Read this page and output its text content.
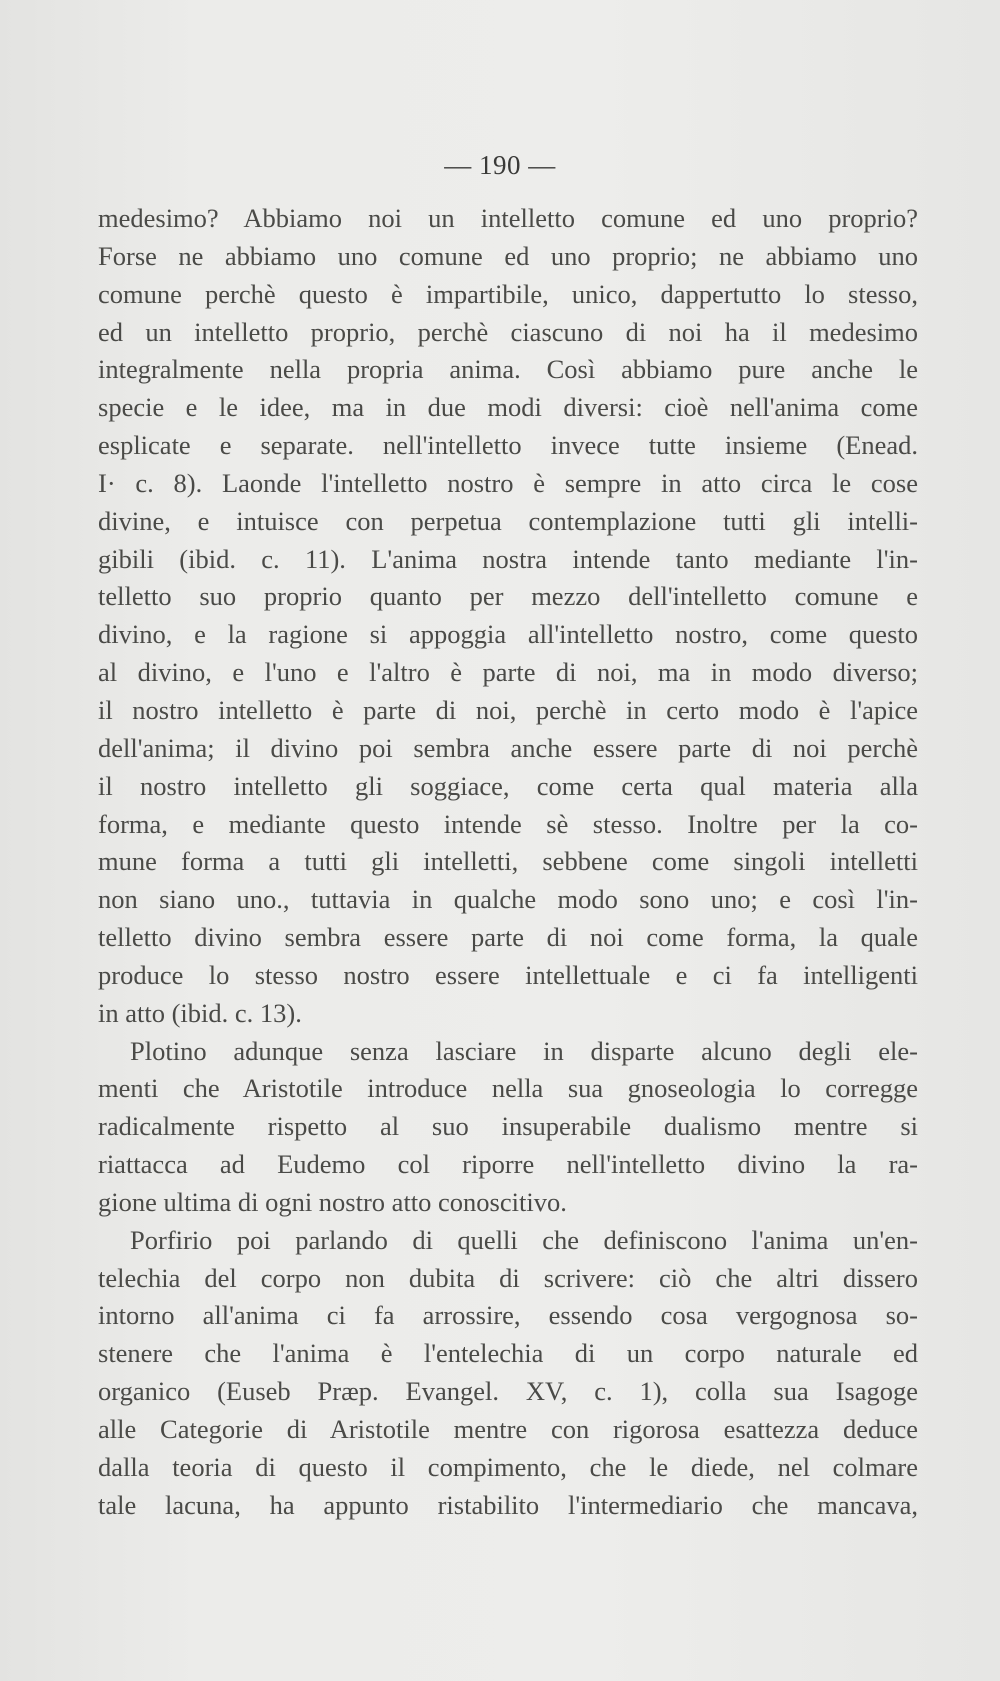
— 190 —
medesimo? Abbiamo noi un intelletto comune ed uno proprio?
Forse ne abbiamo uno comune ed uno proprio; ne abbiamo uno
comune perchè questo è impartibile, unico, dappertutto lo stesso,
ed un intelletto proprio, perchè ciascuno di noi ha il medesimo
integralmente nella propria anima. Così abbiamo pure anche le
specie e le idee, ma in due modi diversi: cioè nell'anima come
esplicate e separate. nell'intelletto invece tutte insieme (Enead.
I· c. 8). Laonde l'intelletto nostro è sempre in atto circa le cose
divine, e intuisce con perpetua contemplazione tutti gli intelli-
gibili (ibid. c. 11). L'anima nostra intende tanto mediante l'in-
telletto suo proprio quanto per mezzo dell'intelletto comune e
divino, e la ragione si appoggia all'intelletto nostro, come questo
al divino, e l'uno e l'altro è parte di noi, ma in modo diverso;
il nostro intelletto è parte di noi, perchè in certo modo è l'apice
dell'anima; il divino poi sembra anche essere parte di noi perchè
il nostro intelletto gli soggiace, come certa qual materia alla
forma, e mediante questo intende sè stesso. Inoltre per la co-
mune forma a tutti gli intelletti, sebbene come singoli intelletti
non siano uno., tuttavia in qualche modo sono uno; e così l'in-
telletto divino sembra essere parte di noi come forma, la quale
produce lo stesso nostro essere intellettuale e ci fa intelligenti
in atto (ibid. c. 13).
Plotino adunque senza lasciare in disparte alcuno degli ele-
menti che Aristotile introduce nella sua gnoseologia lo corregge
radicalmente rispetto al suo insuperabile dualismo mentre si
riattacca ad Eudemo col riporre nell'intelletto divino la ra-
gione ultima di ogni nostro atto conoscitivo.
Porfirio poi parlando di quelli che definiscono l'anima un'en-
telechia del corpo non dubita di scrivere: ciò che altri dissero
intorno all'anima ci fa arrossire, essendo cosa vergognosa so-
stenere che l'anima è l'entelechia di un corpo naturale ed
organico (Euseb Præp. Evangel. XV, c. 1), colla sua Isagoge
alle Categorie di Aristotile mentre con rigorosa esattezza deduce
dalla teoria di questo il compimento, che le diede, nel colmare
tale lacuna, ha appunto ristabilito l'intermediario che mancava,
